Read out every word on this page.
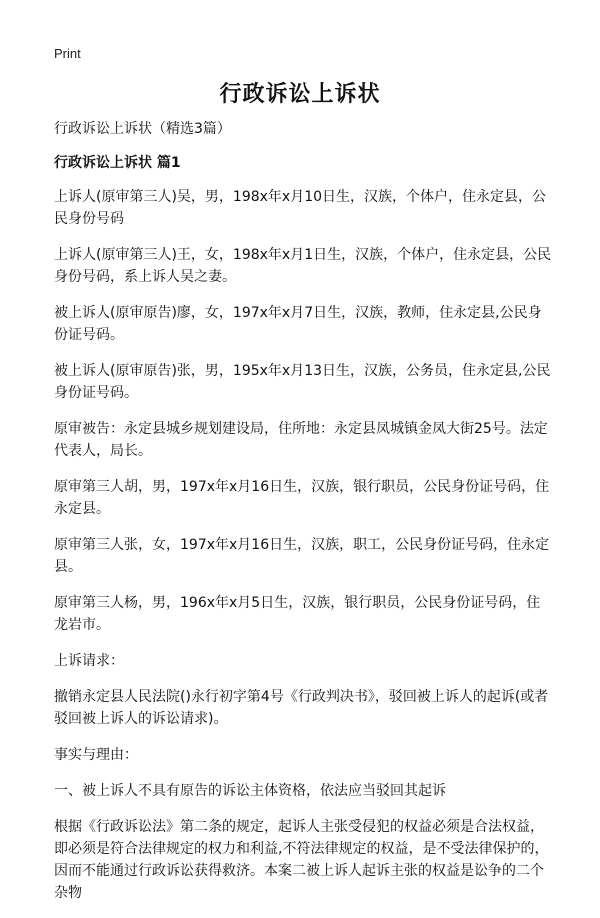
Print
行政诉讼上诉状
行政诉讼上诉状（精选3篇）
行政诉讼上诉状 篇1
上诉人(原审第三人)吴，男，198x年x月10日生，汉族，个体户，住永定县，公民身份号码
上诉人(原审第三人)王，女，198x年x月1日生，汉族，个体户，住永定县，公民身份号码，系上诉人吴之妻。
被上诉人(原审原告)廖，女，197x年x月7日生，汉族，教师，住永定县,公民身份证号码。
被上诉人(原审原告)张，男，195x年x月13日生，汉族，公务员，住永定县,公民身份证号码。
原审被告：永定县城乡规划建设局，住所地：永定县凤城镇金凤大街25号。法定代表人，局长。
原审第三人胡，男，197x年x月16日生，汉族，银行职员，公民身份证号码，住永定县。
原审第三人张，女，197x年x月16日生，汉族，职工，公民身份证号码，住永定县。
原审第三人杨，男，196x年x月5日生，汉族，银行职员，公民身份证号码，住龙岩市。
上诉请求：
撤销永定县人民法院()永行初字第4号《行政判决书》，驳回被上诉人的起诉(或者驳回被上诉人的诉讼请求)。
事实与理由：
一、被上诉人不具有原告的诉讼主体资格，依法应当驳回其起诉
根据《行政诉讼法》第二条的规定，起诉人主张受侵犯的权益必须是合法权益，即必须是符合法律规定的权力和利益,不符法律规定的权益，是不受法律保护的，因而不能通过行政诉讼获得救济。本案二被上诉人起诉主张的权益是讼争的二个杂物
